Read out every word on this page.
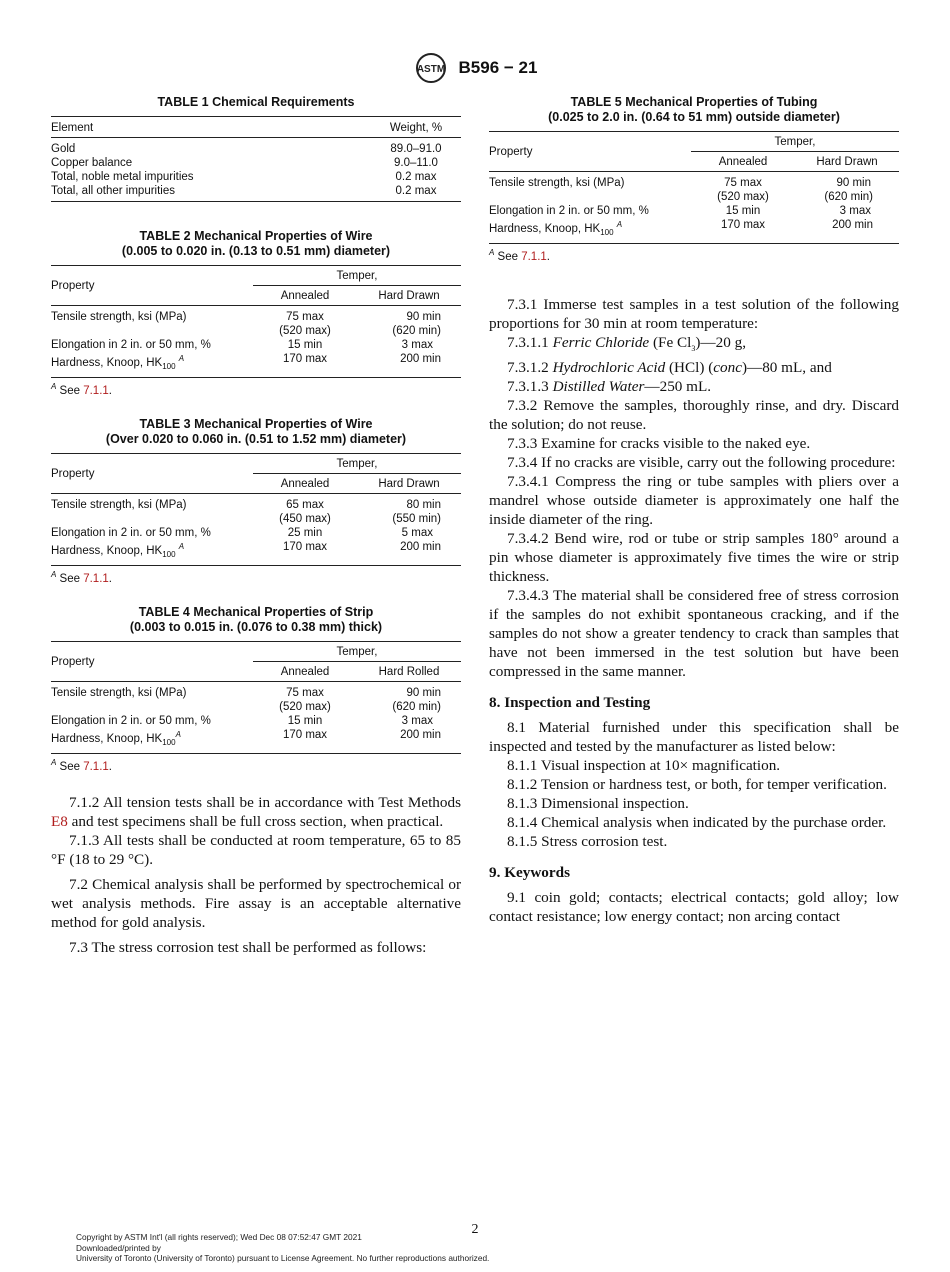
ASTM B596 − 21
TABLE 1 Chemical Requirements
Element	Weight, %
Gold	89.0–91.0
Copper balance	9.0–11.0
Total, noble metal impurities	0.2 max
Total, all other impurities	0.2 max
TABLE 2 Mechanical Properties of Wire
(0.005 to 0.020 in. (0.13 to 0.51 mm) diameter)
Property	Temper,	
	Annealed	Hard Drawn
Tensile strength, ksi (MPa)	75 max	90 min
	(520 max)	(620 min)
Elongation in 2 in. or 50 mm, %	15 min	3 max
Hardness, Knoop, $HK_{100}$ $^A$	170 max	200 min
$^A$ See 7.1.1.
TABLE 3 Mechanical Properties of Wire
(Over 0.020 to 0.060 in. (0.51 to 1.52 mm) diameter)
Property	Temper,	
	Annealed	Hard Drawn
Tensile strength, ksi (MPa)	65 max	80 min
	(450 max)	(550 min)
Elongation in 2 in. or 50 mm, %	25 min	5 max
Hardness, Knoop, $HK_{100}$ $^A$	170 max	200 min
$^A$ See 7.1.1.
TABLE 4 Mechanical Properties of Strip
(0.003 to 0.015 in. (0.076 to 0.38 mm) thick)
Property	Temper,	
	Annealed	Hard Rolled
Tensile strength, ksi (MPa)	75 max	90 min
	(520 max)	(620 min)
Elongation in 2 in. or 50 mm, %	15 min	3 max
Hardness, Knoop, $HK_{100}^A$	170 max	200 min
$^A$ See 7.1.1.
TABLE 5 Mechanical Properties of Tubing
(0.025 to 2.0 in. (0.64 to 51 mm) outside diameter)
Property	Temper,	
	Annealed	Hard Drawn
Tensile strength, ksi (MPa)	75 max	90 min
	(520 max)	(620 min)
Elongation in 2 in. or 50 mm, %	15 min	3 max
Hardness, Knoop, $HK_{100}$ $^A$	170 max	200 min
$^A$ See 7.1.1.

7.1.2 All tension tests shall be in accordance with Test Methods E8 and test specimens shall be full cross section, when practical.

7.1.3 All tests shall be conducted at room temperature, 65 to 85 °F (18 to 29 °C).

7.2 Chemical analysis shall be performed by spectrochemical or wet analysis methods. Fire assay is an acceptable alternative method for gold analysis.

7.3 The stress corrosion test shall be performed as follows:

7.3.1 Immerse test samples in a test solution of the following proportions for 30 min at room temperature:

7.3.1.1 Ferric Chloride (Fe $Cl_3)—20$ g,

7.3.1.2 Hydrochloric Acid (HCl) (conc)—80 mL, and

7.3.1.3 Distilled Water—250 mL.

7.3.2 Remove the samples, thoroughly rinse, and dry. Discard the solution; do not reuse.

7.3.3 Examine for cracks visible to the naked eye.

7.3.4 If no cracks are visible, carry out the following procedure:

7.3.4.1 Compress the ring or tube samples with pliers over a mandrel whose outside diameter is approximately one half the inside diameter of the ring.

7.3.4.2 Bend wire, rod or tube or strip samples 180° around a pin whose diameter is approximately five times the wire or strip thickness.

7.3.4.3 The material shall be considered free of stress corrosion if the samples do not exhibit spontaneous cracking, and if the samples do not show a greater tendency to crack than samples that have not been immersed in the test solution but have been compressed in the same manner.

8. Inspection and Testing

8.1 Material furnished under this specification shall be inspected and tested by the manufacturer as listed below:

8.1.1 Visual inspection at 10× magnification.

8.1.2 Tension or hardness test, or both, for temper verification.

8.1.3 Dimensional inspection.

8.1.4 Chemical analysis when indicated by the purchase order.

8.1.5 Stress corrosion test.

9. Keywords

9.1 coin gold; contacts; electrical contacts; gold alloy; low contact resistance; low energy contact; non arcing contact

2
Copyright by ASTM Int'l (all rights reserved); Wed Dec 08 07:52:47 GMT 2021
Downloaded/printed by
University of Toronto (University of Toronto) pursuant to License Agreement. No further reproductions authorized.
